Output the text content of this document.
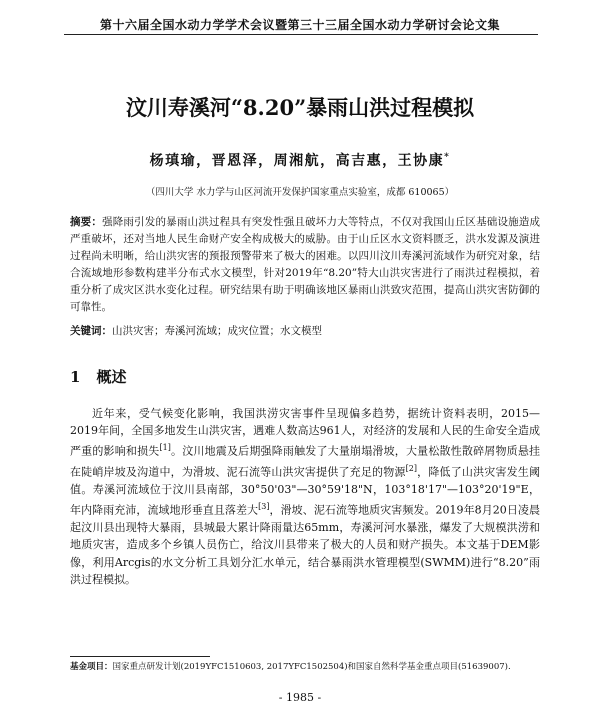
第十六届全国水动力学学术会议暨第三十三届全国水动力学研讨会论文集
汶川寿溪河“8.20”暴雨山洪过程模拟
杨瑱瑜，晋恩泽，周湘航，高吉惠，王协康*
（四川大学 水力学与山区河流开发保护国家重点实验室，成都 610065）

摘要：强降雨引发的暴雨山洪过程具有突发性强且破坏力大等特点，不仅对我国山丘区基础设施造成严重破坏，还对当地人民生命财产安全构成极大的威胁。由于山丘区水文资料匮乏，洪水发源及演进过程尚未明晰，给山洪灾害的预报预警带来了极大的困难。以四川汶川寿溪河流域作为研究对象，结合流域地形参数构建半分布式水文模型，针对2019年“8.20”特大山洪灾害进行了雨洪过程模拟，着重分析了成灾区洪水变化过程。研究结果有助于明确该地区暴雨山洪致灾范围，提高山洪灾害防御的可靠性。

关键词：山洪灾害；寿溪河流域；成灾位置；水文模型

1 概述

近年来，受气候变化影响，我国洪涝灾害事件呈现偏多趋势，据统计资料表明，2015—2019年间，全国多地发生山洪灾害，遇难人数高达961人，对经济的发展和人民的生命安全造成严重的影响和损失[1]。汶川地震及后期强降雨触发了大量崩塌滑坡，大量松散性散碎屑物质悬挂在陡峭岸坡及沟道中，为滑坡、泥石流等山洪灾害提供了充足的物源[2]，降低了山洪灾害发生阈值。寿溪河流域位于汶川县南部，30°50'03"—30°59'18"N，103°18'17"—103°20'19"E，年内降雨充沛，流域地形垂直且落差大[3]，滑坡、泥石流等地质灾害频发。2019年8月20日凌晨起汶川县出现特大暴雨，县城最大累计降雨量达65mm，寿溪河河水暴涨，爆发了大规模洪涝和地质灾害，造成多个乡镇人员伤亡，给汶川县带来了极大的人员和财产损失。本文基于DEM影像，利用Arcgis的水文分析工具划分汇水单元，结合暴雨洪水管理模型(SWMM)进行“8.20”雨洪过程模拟。

基金项目：国家重点研发计划(2019YFC1510603, 2017YFC1502504)和国家自然科学基金重点项目(51639007).

- 1985 -
